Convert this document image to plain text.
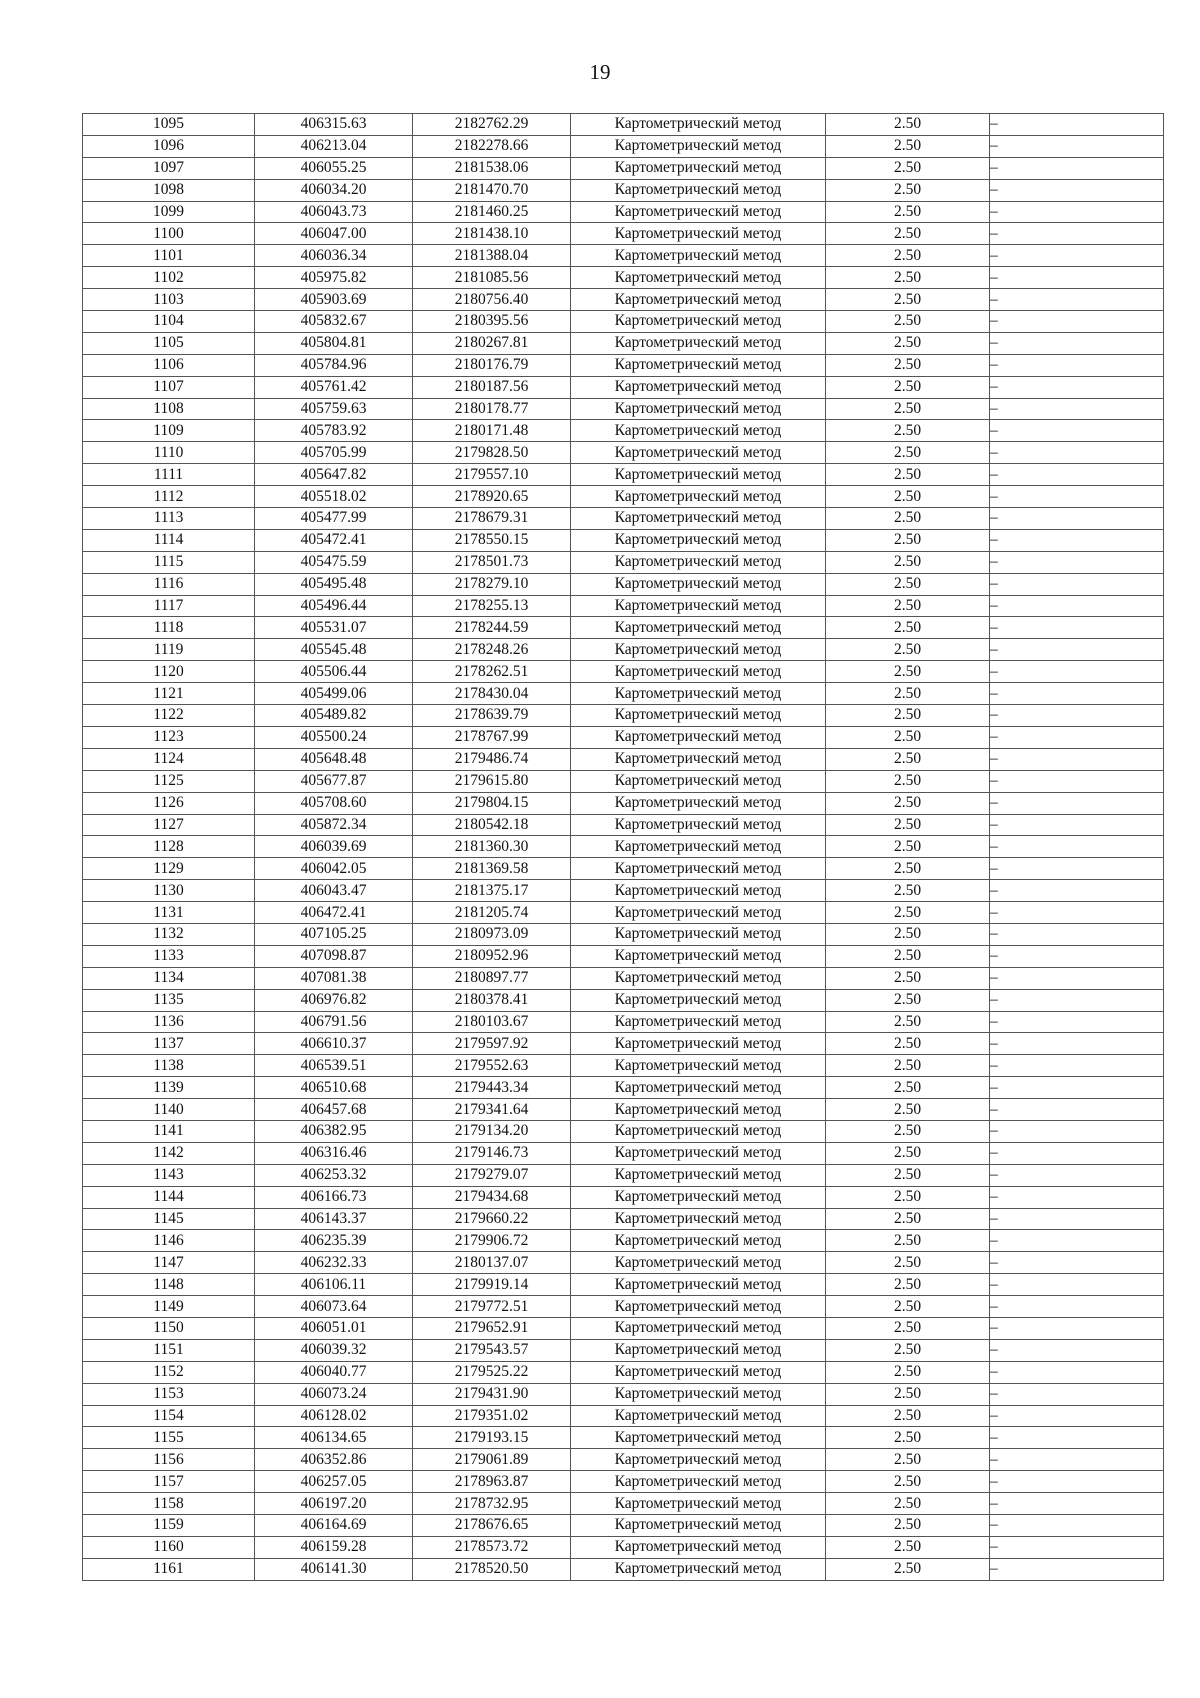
19
1095	406315.63	2182762.29	Картометрический метод	2.50	–
1096	406213.04	2182278.66	Картометрический метод	2.50	–
1097	406055.25	2181538.06	Картометрический метод	2.50	–
1098	406034.20	2181470.70	Картометрический метод	2.50	–
1099	406043.73	2181460.25	Картометрический метод	2.50	–
1100	406047.00	2181438.10	Картометрический метод	2.50	–
1101	406036.34	2181388.04	Картометрический метод	2.50	–
1102	405975.82	2181085.56	Картометрический метод	2.50	–
1103	405903.69	2180756.40	Картометрический метод	2.50	–
1104	405832.67	2180395.56	Картометрический метод	2.50	–
1105	405804.81	2180267.81	Картометрический метод	2.50	–
1106	405784.96	2180176.79	Картометрический метод	2.50	–
1107	405761.42	2180187.56	Картометрический метод	2.50	–
1108	405759.63	2180178.77	Картометрический метод	2.50	–
1109	405783.92	2180171.48	Картометрический метод	2.50	–
1110	405705.99	2179828.50	Картометрический метод	2.50	–
1111	405647.82	2179557.10	Картометрический метод	2.50	–
1112	405518.02	2178920.65	Картометрический метод	2.50	–
1113	405477.99	2178679.31	Картометрический метод	2.50	–
1114	405472.41	2178550.15	Картометрический метод	2.50	–
1115	405475.59	2178501.73	Картометрический метод	2.50	–
1116	405495.48	2178279.10	Картометрический метод	2.50	–
1117	405496.44	2178255.13	Картометрический метод	2.50	–
1118	405531.07	2178244.59	Картометрический метод	2.50	–
1119	405545.48	2178248.26	Картометрический метод	2.50	–
1120	405506.44	2178262.51	Картометрический метод	2.50	–
1121	405499.06	2178430.04	Картометрический метод	2.50	–
1122	405489.82	2178639.79	Картометрический метод	2.50	–
1123	405500.24	2178767.99	Картометрический метод	2.50	–
1124	405648.48	2179486.74	Картометрический метод	2.50	–
1125	405677.87	2179615.80	Картометрический метод	2.50	–
1126	405708.60	2179804.15	Картометрический метод	2.50	–
1127	405872.34	2180542.18	Картометрический метод	2.50	–
1128	406039.69	2181360.30	Картометрический метод	2.50	–
1129	406042.05	2181369.58	Картометрический метод	2.50	–
1130	406043.47	2181375.17	Картометрический метод	2.50	–
1131	406472.41	2181205.74	Картометрический метод	2.50	–
1132	407105.25	2180973.09	Картометрический метод	2.50	–
1133	407098.87	2180952.96	Картометрический метод	2.50	–
1134	407081.38	2180897.77	Картометрический метод	2.50	–
1135	406976.82	2180378.41	Картометрический метод	2.50	–
1136	406791.56	2180103.67	Картометрический метод	2.50	–
1137	406610.37	2179597.92	Картометрический метод	2.50	–
1138	406539.51	2179552.63	Картометрический метод	2.50	–
1139	406510.68	2179443.34	Картометрический метод	2.50	–
1140	406457.68	2179341.64	Картометрический метод	2.50	–
1141	406382.95	2179134.20	Картометрический метод	2.50	–
1142	406316.46	2179146.73	Картометрический метод	2.50	–
1143	406253.32	2179279.07	Картометрический метод	2.50	–
1144	406166.73	2179434.68	Картометрический метод	2.50	–
1145	406143.37	2179660.22	Картометрический метод	2.50	–
1146	406235.39	2179906.72	Картометрический метод	2.50	–
1147	406232.33	2180137.07	Картометрический метод	2.50	–
1148	406106.11	2179919.14	Картометрический метод	2.50	–
1149	406073.64	2179772.51	Картометрический метод	2.50	–
1150	406051.01	2179652.91	Картометрический метод	2.50	–
1151	406039.32	2179543.57	Картометрический метод	2.50	–
1152	406040.77	2179525.22	Картометрический метод	2.50	–
1153	406073.24	2179431.90	Картометрический метод	2.50	–
1154	406128.02	2179351.02	Картометрический метод	2.50	–
1155	406134.65	2179193.15	Картометрический метод	2.50	–
1156	406352.86	2179061.89	Картометрический метод	2.50	–
1157	406257.05	2178963.87	Картометрический метод	2.50	–
1158	406197.20	2178732.95	Картометрический метод	2.50	–
1159	406164.69	2178676.65	Картометрический метод	2.50	–
1160	406159.28	2178573.72	Картометрический метод	2.50	–
1161	406141.30	2178520.50	Картометрический метод	2.50	–
